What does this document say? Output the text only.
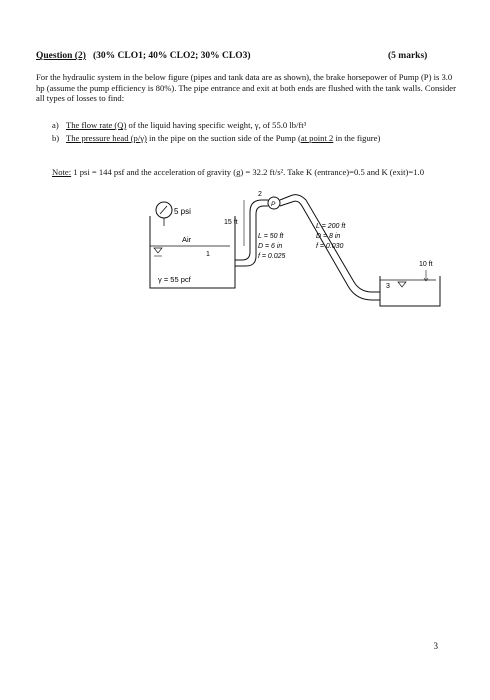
Question (2) (30% CLO1; 40% CLO2; 30% CLO3)	(5 marks)
For the hydraulic system in the below figure (pipes and tank data are as shown), the brake horsepower of Pump (P) is 3.0 hp (assume the pump efficiency is 80%). The pipe entrance and exit at both ends are flushed with the tank walls. Consider all types of losses to find:
a) The flow rate (Q) of the liquid having specific weight, γ, of 55.0 lb/ft³
b) The pressure head (p/γ) in the pipe on the suction side of the Pump (at point 2 in the figure)
Note: 1 psi = 144 psf and the acceleration of gravity (g) = 32.2 ft/s². Take K (entrance)=0.5 and K (exit)=1.0
5 psi
Air
γ = 55 pcf
1
15 ft
2
P
L = 50 ft
D = 6 in
f = 0.025
L = 200 ft
D = 8 in
f = 0.030
3
10 ft
3
